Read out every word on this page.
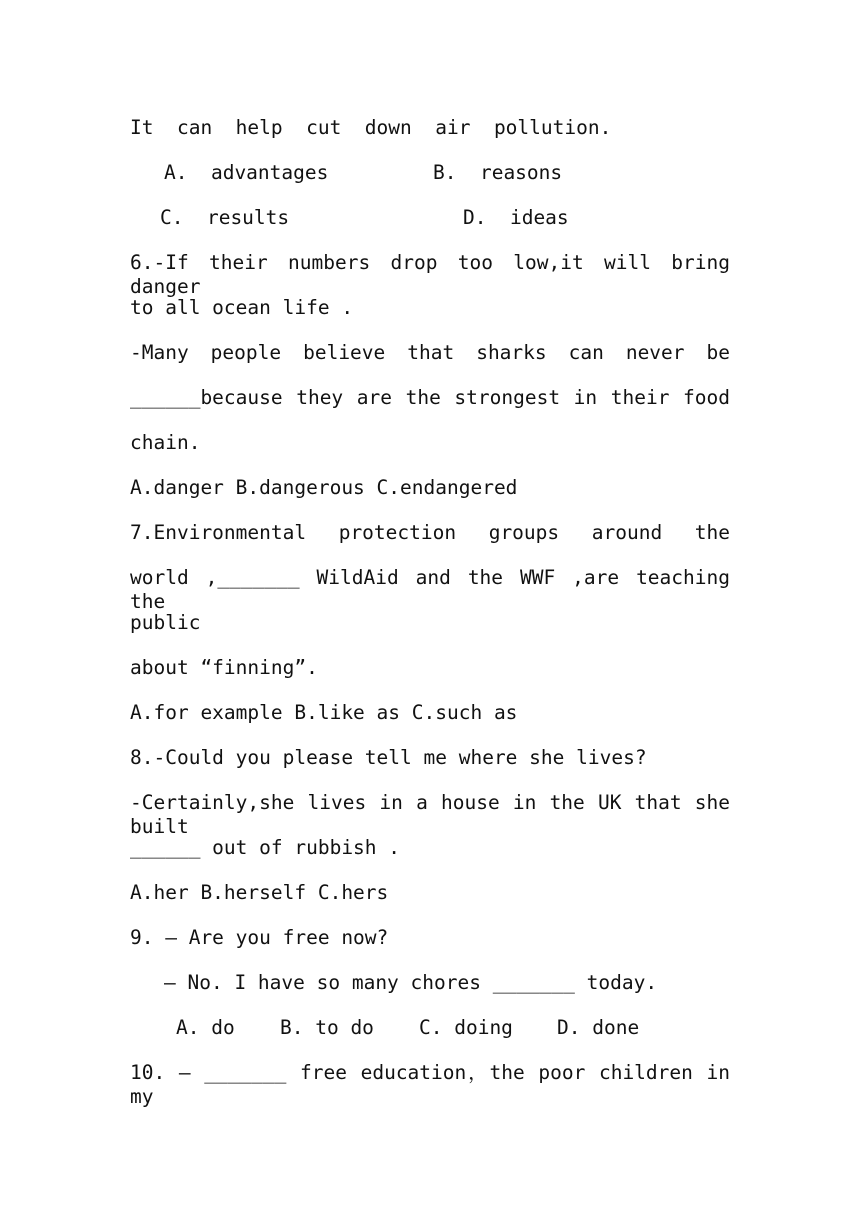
It  can  help  cut  down  air  pollution.
A.  advantages	B.  reasons
C.  results	D.  ideas
6.-If their numbers drop too low,it will bring danger
to all ocean life .
-Many people believe that sharks can never be
______because they are the strongest in their food
chain.
A.danger B.dangerous C.endangered
7.Environmental protection groups around the
world ,_______ WildAid and the WWF ,are teaching the
public
about “finning”.
A.for example B.like as C.such as
8.-Could you please tell me where she lives?
-Certainly,she lives in a house in the UK that she built
______ out of rubbish .
A.her B.herself C.hers
9. — Are you free now?
— No. I have so many chores _______ today.
A. do B. to do C. doing D. done
10. — _______ free education，the poor children in my
